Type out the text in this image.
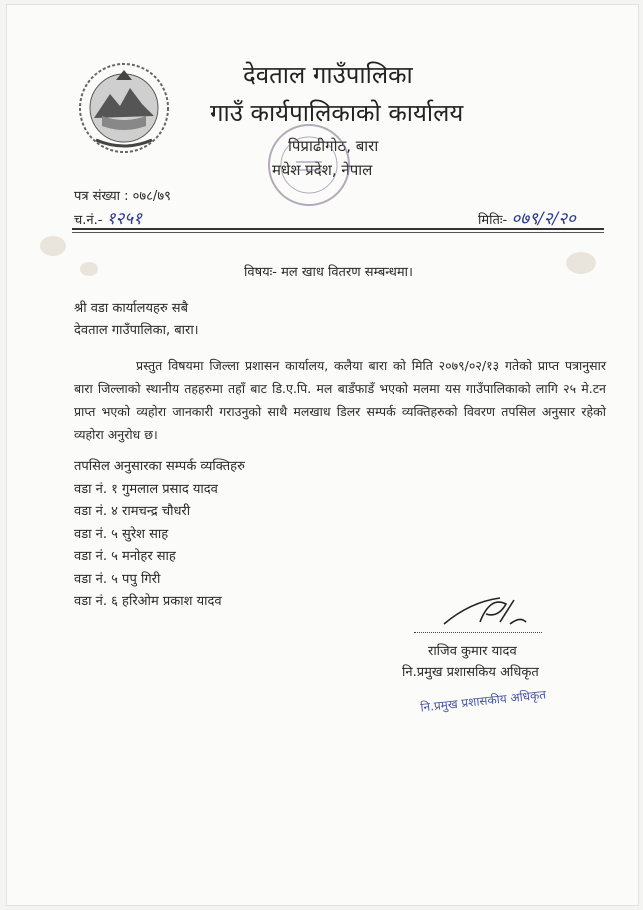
देवताल गाउँपालिका
गाउँ कार्यपालिकाको कार्यालय
पिप्राढीगोठ, बारा
मधेश प्रदेश, नेपाल
पत्र संख्या : ०७८/७९
च.नं.- १२५१	मितिः- ०७९/२/२०
विषयः- मल खाध वितरण सम्बन्धमा।
श्री वडा कार्यालयहरु सबै
देवताल गाउँपालिका, बारा।
प्रस्तुत विषयमा जिल्ला प्रशासन कार्यालय, कलैया बारा को मिति २०७९/०२/१३ गतेको प्राप्त पत्रानुसार बारा जिल्लाको स्थानीय तहहरुमा तहाँ बाट डि.ए.पि. मल बाडँफाडँ भएको मलमा यस गाउँपालिकाको लागि २५ मे.टन प्राप्त भएको व्यहोरा जानकारी गराउनुको साथै मलखाध डिलर सम्पर्क व्यक्तिहरुको विवरण तपसिल अनुसार रहेको व्यहोरा अनुरोध छ।
तपसिल अनुसारका सम्पर्क व्यक्तिहरु
वडा नं. १ गुमलाल प्रसाद यादव
वडा नं. ४ रामचन्द्र चौधरी
वडा नं. ५ सुरेश साह
वडा नं. ५ मनोहर साह
वडा नं. ५ पपु गिरी
वडा नं. ६ हरिओम प्रकाश यादव
राजिव कुमार यादव
नि.प्रमुख प्रशासकिय अधिकृत
नि.प्रमुख प्रशासकीय अधिकृत
